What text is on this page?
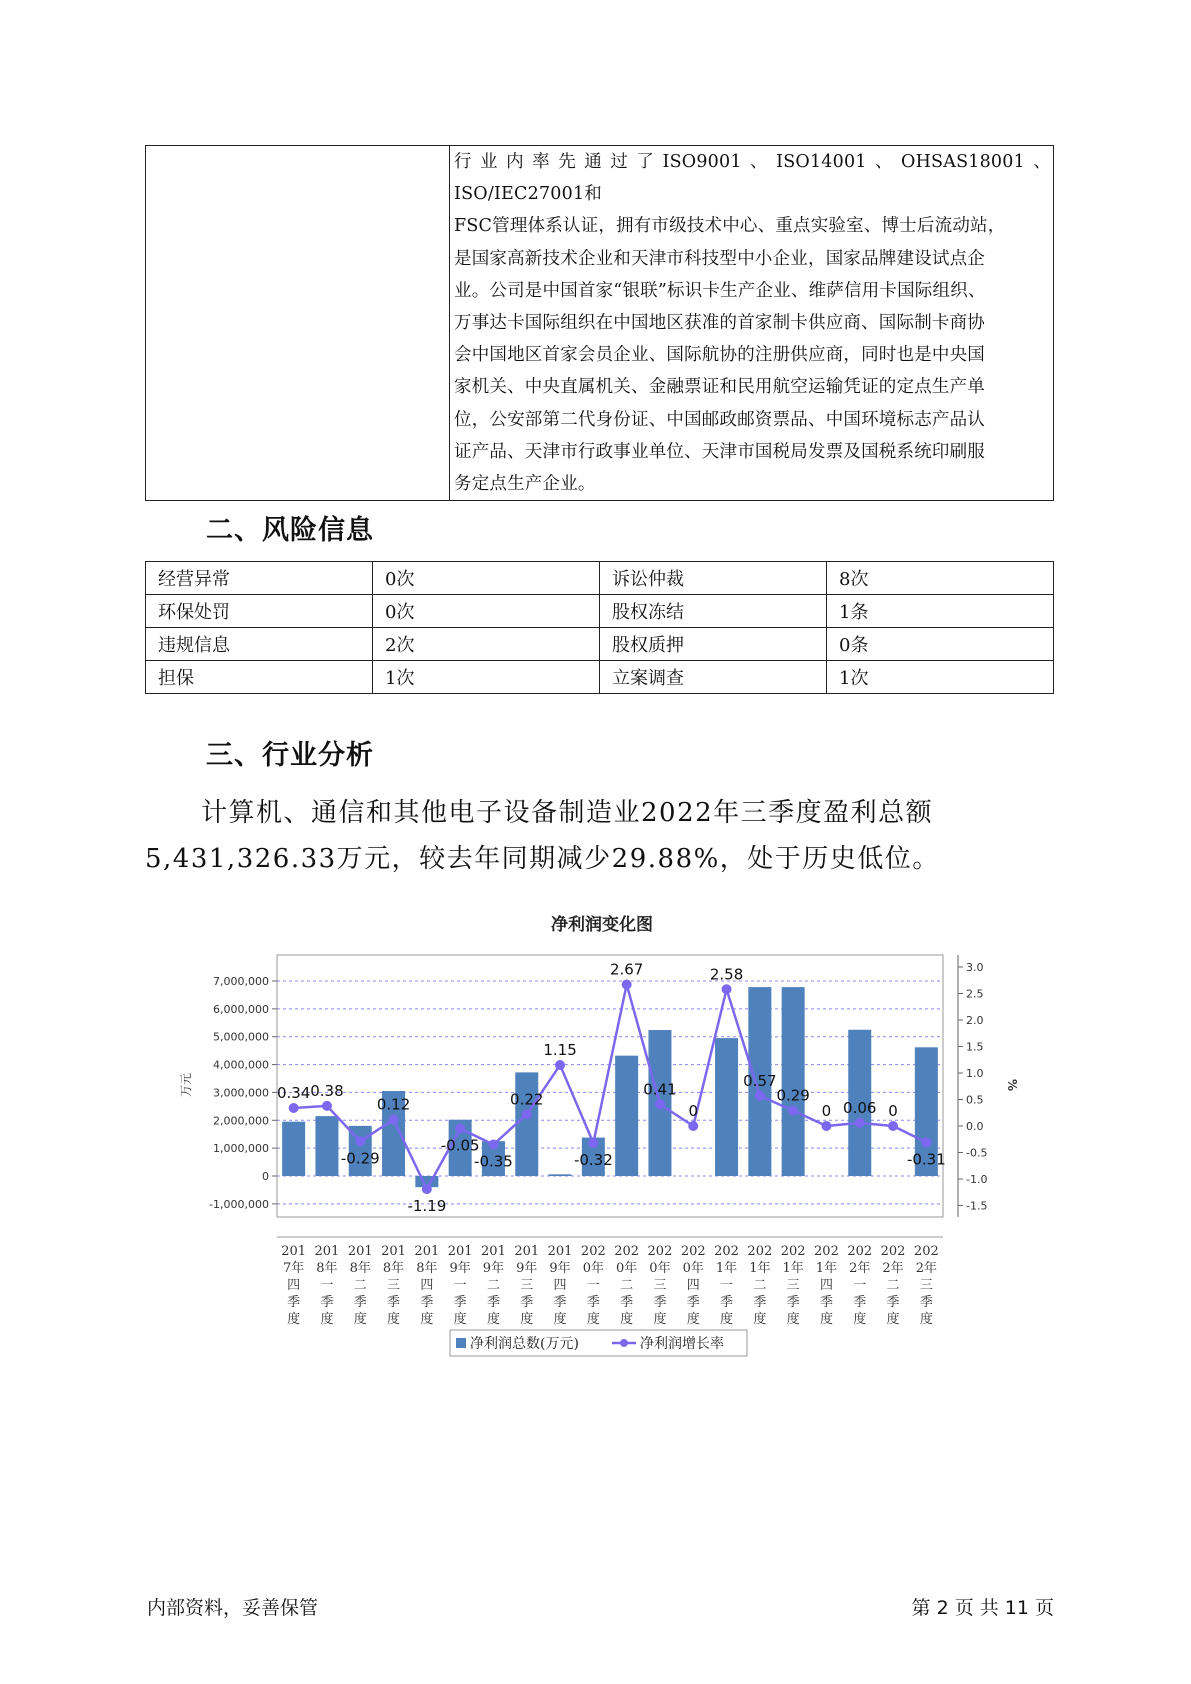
行业内率先通过了ISO9001、ISO14001、OHSAS18001、ISO/IEC27001和
FSC管理体系认证，拥有市级技术中心、重点实验室、博士后流动站，
是国家高新技术企业和天津市科技型中小企业，国家品牌建设试点企
业。公司是中国首家“银联”标识卡生产企业、维萨信用卡国际组织、
万事达卡国际组织在中国地区获准的首家制卡供应商、国际制卡商协
会中国地区首家会员企业、国际航协的注册供应商，同时也是中央国
家机关、中央直属机关、金融票证和民用航空运输凭证的定点生产单
位，公安部第二代身份证、中国邮政邮资票品、中国环境标志产品认
证产品、天津市行政事业单位、天津市国税局发票及国税系统印刷服
务定点生产企业。
二、风险信息
经营异常	0次	诉讼仲裁	8次
环保处罚	0次	股权冻结	1条
违规信息	2次	股权质押	0条
担保	1次	立案调查	1次
三、行业分析
计算机、通信和其他电子设备制造业2022年三季度盈利总额
5,431,326.33万元，较去年同期减少29.88%，处于历史低位。
净利润变化图
7,000,000
6,000,000
5,000,000
4,000,000
3,000,000
2,000,000
1,000,000
0
-1,000,000
万元
3.0
2.5
2.0
1.5
1.0
0.5
0.0
-0.5
-1.0
-1.5
%
0.34 0.38
-0.29
0.12
-1.19
-0.05
-0.35
0.22
1.15
-0.32
2.67
0.41
0
2.58
0.57
0.29
0 0.06 0
-0.31
201
7年
四
季
度
201
8年
一
季
度
201
8年
二
季
度
201
8年
三
季
度
201
8年
四
季
度
201
9年
一
季
度
201
9年
二
季
度
201
9年
三
季
度
201
9年
四
季
度
202
0年
一
季
度
202
0年
二
季
度
202
0年
三
季
度
202
0年
四
季
度
202
1年
一
季
度
202
1年
二
季
度
202
1年
三
季
度
202
1年
四
季
度
202
2年
一
季
度
202
2年
二
季
度
202
2年
三
季
度
净利润总数(万元)	净利润增长率
内部资料，妥善保管	第 2 页 共 11 页
